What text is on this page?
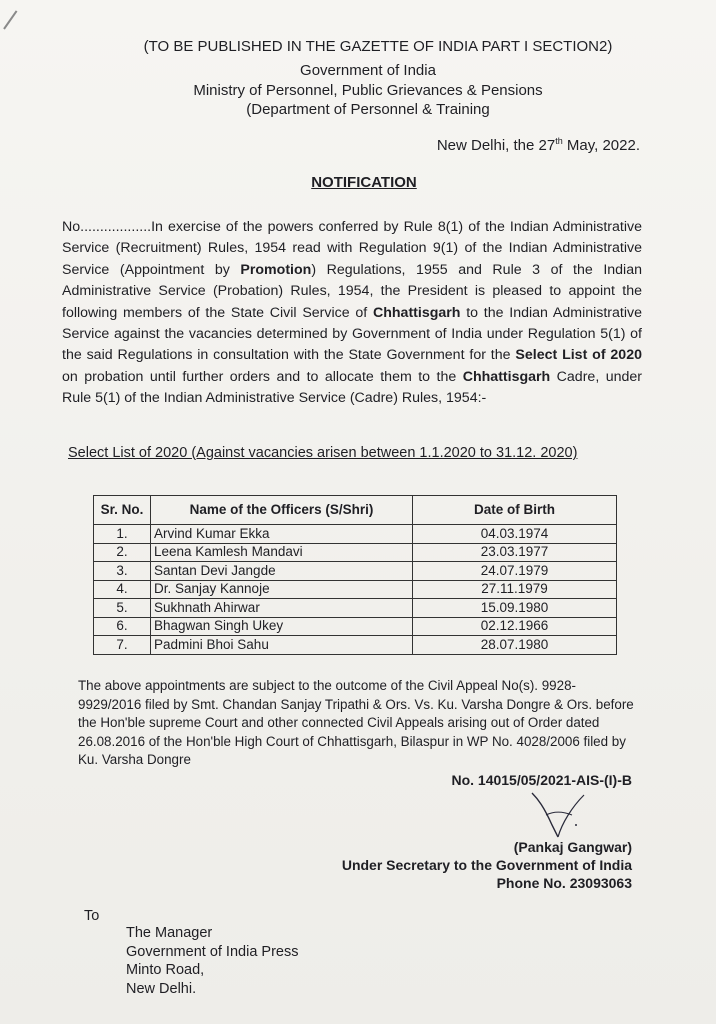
(TO BE PUBLISHED IN THE GAZETTE OF INDIA PART I SECTION2)
Government of India
Ministry of Personnel, Public Grievances & Pensions
(Department of Personnel & Training
New Delhi, the 27th May, 2022.
NOTIFICATION
No..................In exercise of the powers conferred by Rule 8(1) of the Indian Administrative Service (Recruitment) Rules, 1954 read with Regulation 9(1) of the Indian Administrative Service (Appointment by Promotion) Regulations, 1955 and Rule 3 of the Indian Administrative Service (Probation) Rules, 1954, the President is pleased to appoint the following members of the State Civil Service of Chhattisgarh to the Indian Administrative Service against the vacancies determined by Government of India under Regulation 5(1) of the said Regulations in consultation with the State Government for the Select List of 2020 on probation until further orders and to allocate them to the Chhattisgarh Cadre, under Rule 5(1) of the Indian Administrative Service (Cadre) Rules, 1954:-
Select List of 2020 (Against vacancies arisen between 1.1.2020 to 31.12. 2020)
Sr. No.	Name of the Officers (S/Shri)	Date of Birth
1.	Arvind Kumar Ekka	04.03.1974
2.	Leena Kamlesh Mandavi	23.03.1977
3.	Santan Devi Jangde	24.07.1979
4.	Dr. Sanjay Kannoje	27.11.1979
5.	Sukhnath Ahirwar	15.09.1980
6.	Bhagwan Singh Ukey	02.12.1966
7.	Padmini Bhoi Sahu	28.07.1980
The above appointments are subject to the outcome of the Civil Appeal No(s). 9928-9929/2016 filed by Smt. Chandan Sanjay Tripathi & Ors. Vs. Ku. Varsha Dongre & Ors. before the Hon'ble supreme Court and other connected Civil Appeals arising out of Order dated 26.08.2016 of the Hon'ble High Court of Chhattisgarh, Bilaspur in WP No. 4028/2006 filed by Ku. Varsha Dongre
No. 14015/05/2021-AIS-(I)-B
(Pankaj Gangwar)
Under Secretary to the Government of India
Phone No. 23093063
To
The Manager
Government of India Press
Minto Road,
New Delhi.
